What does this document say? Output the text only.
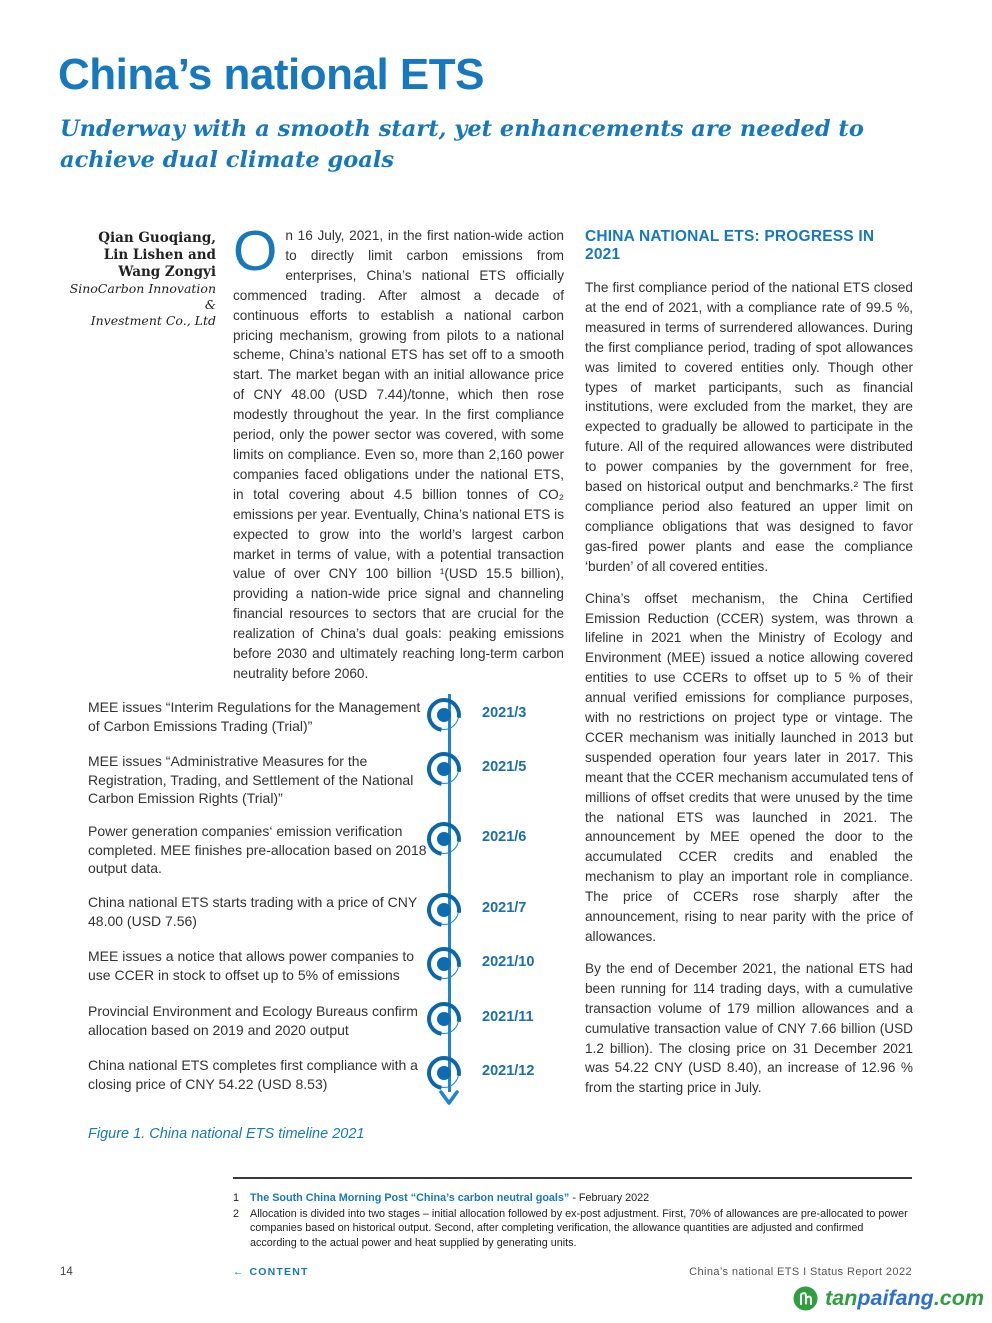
China’s national ETS
Underway with a smooth start, yet enhancements are needed to achieve dual climate goals
Qian Guoqiang,
Lin Lishen and
Wang Zongyi
SinoCarbon Innovation &
Investment Co., Ltd
On 16 July, 2021, in the first nation-wide action to directly limit carbon emissions from enterprises, China’s national ETS officially commenced trading. After almost a decade of continuous efforts to establish a national carbon pricing mechanism, growing from pilots to a national scheme, China’s national ETS has set off to a smooth start. The market began with an initial allowance price of CNY 48.00 (USD 7.44)/tonne, which then rose modestly throughout the year. In the first compliance period, only the power sector was covered, with some limits on compliance. Even so, more than 2,160 power companies faced obligations under the national ETS, in total covering about 4.5 billion tonnes of CO₂ emissions per year. Eventually, China’s national ETS is expected to grow into the world’s largest carbon market in terms of value, with a potential transaction value of over CNY 100 billion ¹(USD 15.5 billion), providing a nation-wide price signal and channeling financial resources to sectors that are crucial for the realization of China’s dual goals: peaking emissions before 2030 and ultimately reaching long-term carbon neutrality before 2060.
CHINA NATIONAL ETS: PROGRESS IN 2021

The first compliance period of the national ETS closed at the end of 2021, with a compliance rate of 99.5 %, measured in terms of surrendered allowances. During the first compliance period, trading of spot allowances was limited to covered entities only. Though other types of market participants, such as financial institutions, were excluded from the market, they are expected to gradually be allowed to participate in the future. All of the required allowances were distributed to power companies by the government for free, based on historical output and benchmarks.² The first compliance period also featured an upper limit on compliance obligations that was designed to favor gas-fired power plants and ease the compliance ‘burden’ of all covered entities.

China’s offset mechanism, the China Certified Emission Reduction (CCER) system, was thrown a lifeline in 2021 when the Ministry of Ecology and Environment (MEE) issued a notice allowing covered entities to use CCERs to offset up to 5 % of their annual verified emissions for compliance purposes, with no restrictions on project type or vintage. The CCER mechanism was initially launched in 2013 but suspended operation four years later in 2017. This meant that the CCER mechanism accumulated tens of millions of offset credits that were unused by the time the national ETS was launched in 2021. The announcement by MEE opened the door to the accumulated CCER credits and enabled the mechanism to play an important role in compliance. The price of CCERs rose sharply after the announcement, rising to near parity with the price of allowances.

By the end of December 2021, the national ETS had been running for 114 trading days, with a cumulative transaction volume of 179 million allowances and a cumulative transaction value of CNY 7.66 billion (USD 1.2 billion). The closing price on 31 December 2021 was 54.22 CNY (USD 8.40), an increase of 12.96 % from the starting price in July.

MEE issues “Interim Regulations for the Management of Carbon Emissions Trading (Trial)”
2021/3
MEE issues “Administrative Measures for the Registration, Trading, and Settlement of the National Carbon Emission Rights (Trial)”
2021/5
Power generation companies‘ emission verification completed. MEE finishes pre-allocation based on 2018 output data.
2021/6
China national ETS starts trading with a price of CNY 48.00 (USD 7.56)
2021/7
MEE issues a notice that allows power companies to use CCER in stock to offset up to 5% of emissions
2021/10
Provincial Environment and Ecology Bureaus confirm allocation based on 2019 and 2020 output
2021/11
China national ETS completes first compliance with a closing price of CNY 54.22 (USD 8.53)
2021/12
Figure 1. China national ETS timeline 2021
1	The South China Morning Post “China’s carbon neutral goals” - February 2022
2	Allocation is divided into two stages – initial allocation followed by ex-post adjustment. First, 70% of allowances are pre-allocated to power companies based on historical output. Second, after completing verification, the allowance quantities are adjusted and confirmed according to the actual power and heat supplied by generating units.
14	← CONTENT	China’s national ETS I Status Report 2022
tanpaifang.com
